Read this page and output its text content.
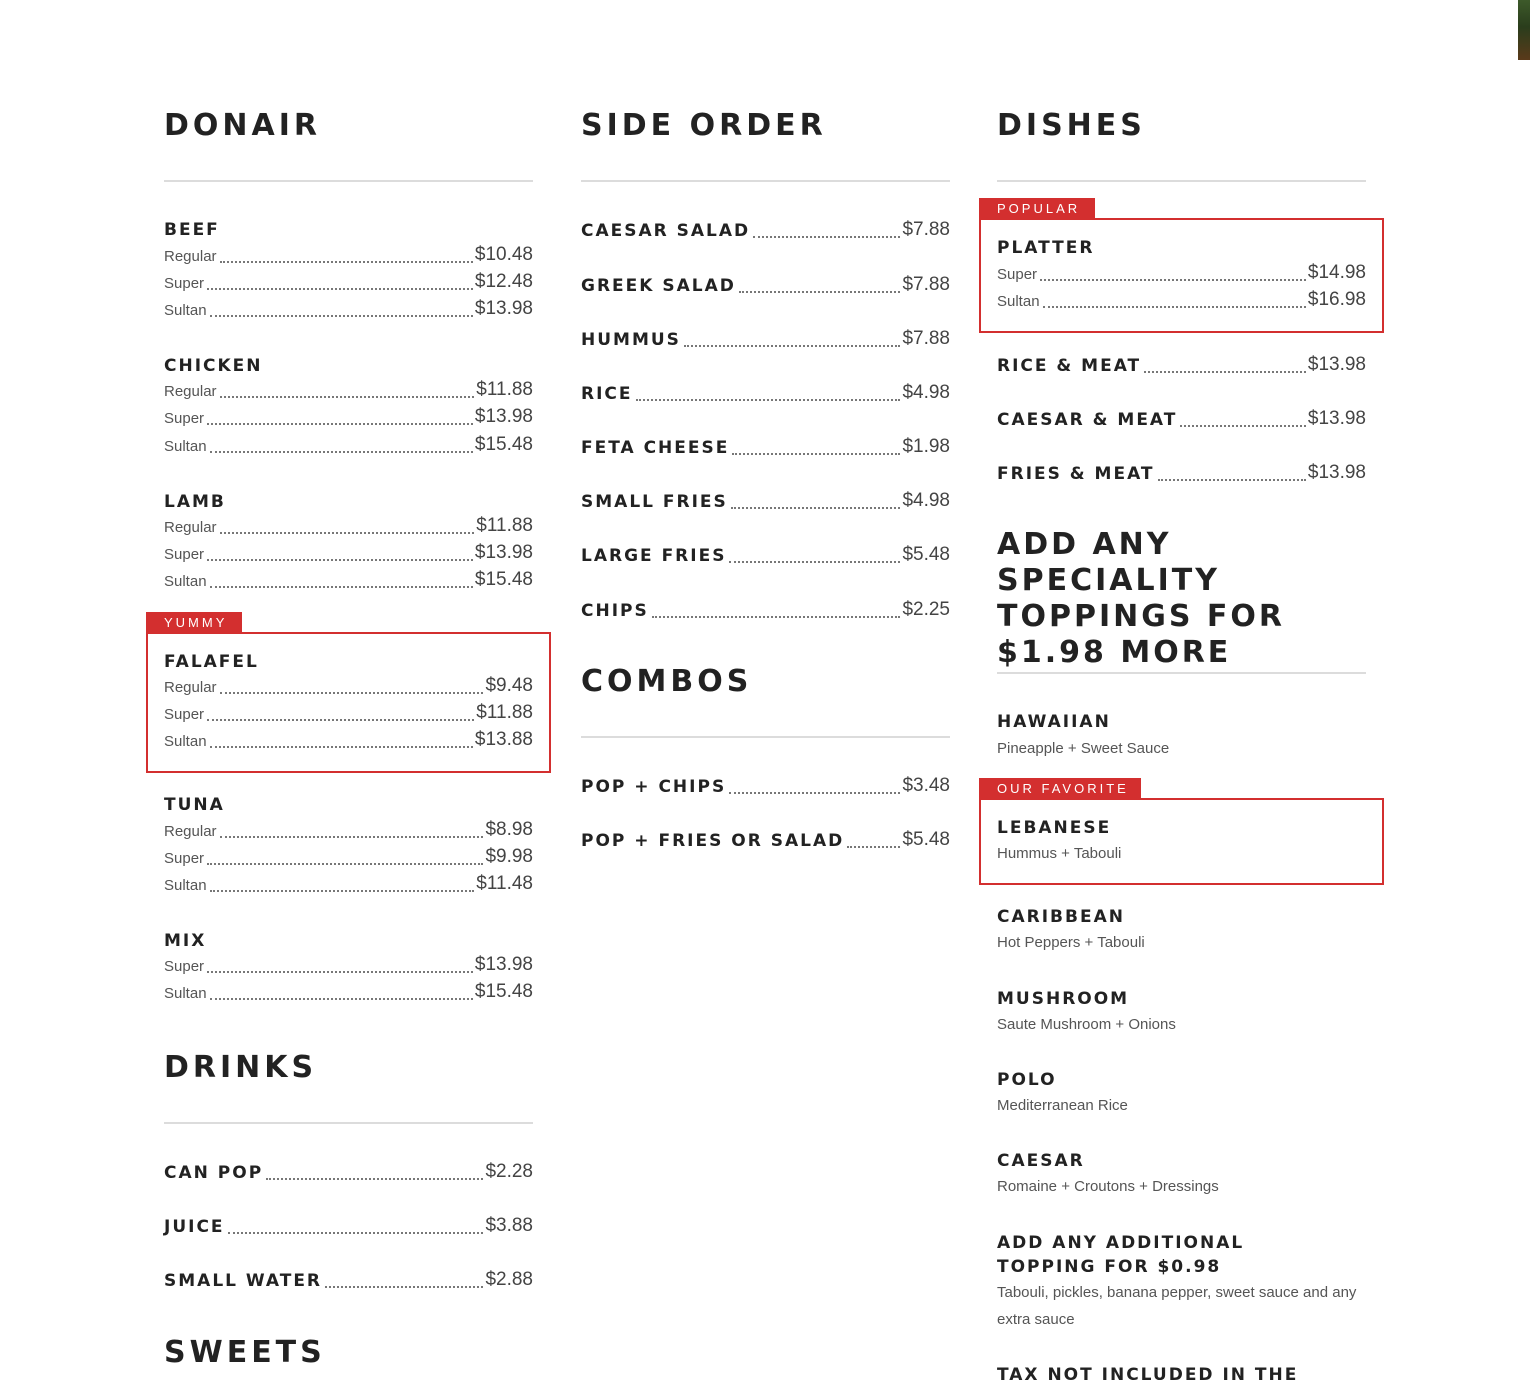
DONAIR
BEEF
Regular	$10.48
Super	$12.48
Sultan	$13.98
CHICKEN
Regular	$11.88
Super	$13.98
Sultan	$15.48
LAMB
Regular	$11.88
Super	$13.98
Sultan	$15.48
YUMMY
FALAFEL
Regular	$9.48
Super	$11.88
Sultan	$13.88
TUNA
Regular	$8.98
Super	$9.98
Sultan	$11.48
MIX
Super	$13.98
Sultan	$15.48
DRINKS
CAN POP	$2.28
JUICE	$3.88
SMALL WATER	$2.88
SWEETS
SIDE ORDER
CAESAR SALAD	$7.88
GREEK SALAD	$7.88
HUMMUS	$7.88
RICE	$4.98
FETA CHEESE	$1.98
SMALL FRIES	$4.98
LARGE FRIES	$5.48
CHIPS	$2.25
COMBOS
POP + CHIPS	$3.48
POP + FRIES OR SALAD	$5.48
DISHES
POPULAR
PLATTER
Super	$14.98
Sultan	$16.98
RICE & MEAT	$13.98
CAESAR & MEAT	$13.98
FRIES & MEAT	$13.98
ADD ANY SPECIALITY TOPPINGS FOR $1.98 MORE
HAWAIIAN
Pineapple + Sweet Sauce
OUR FAVORITE
LEBANESE
Hummus + Tabouli
CARIBBEAN
Hot Peppers + Tabouli
MUSHROOM
Saute Mushroom + Onions
POLO
Mediterranean Rice
CAESAR
Romaine + Croutons + Dressings
ADD ANY ADDITIONAL
TOPPING FOR $0.98
Tabouli, pickles, banana pepper, sweet sauce and any extra sauce
TAX NOT INCLUDED IN THE
